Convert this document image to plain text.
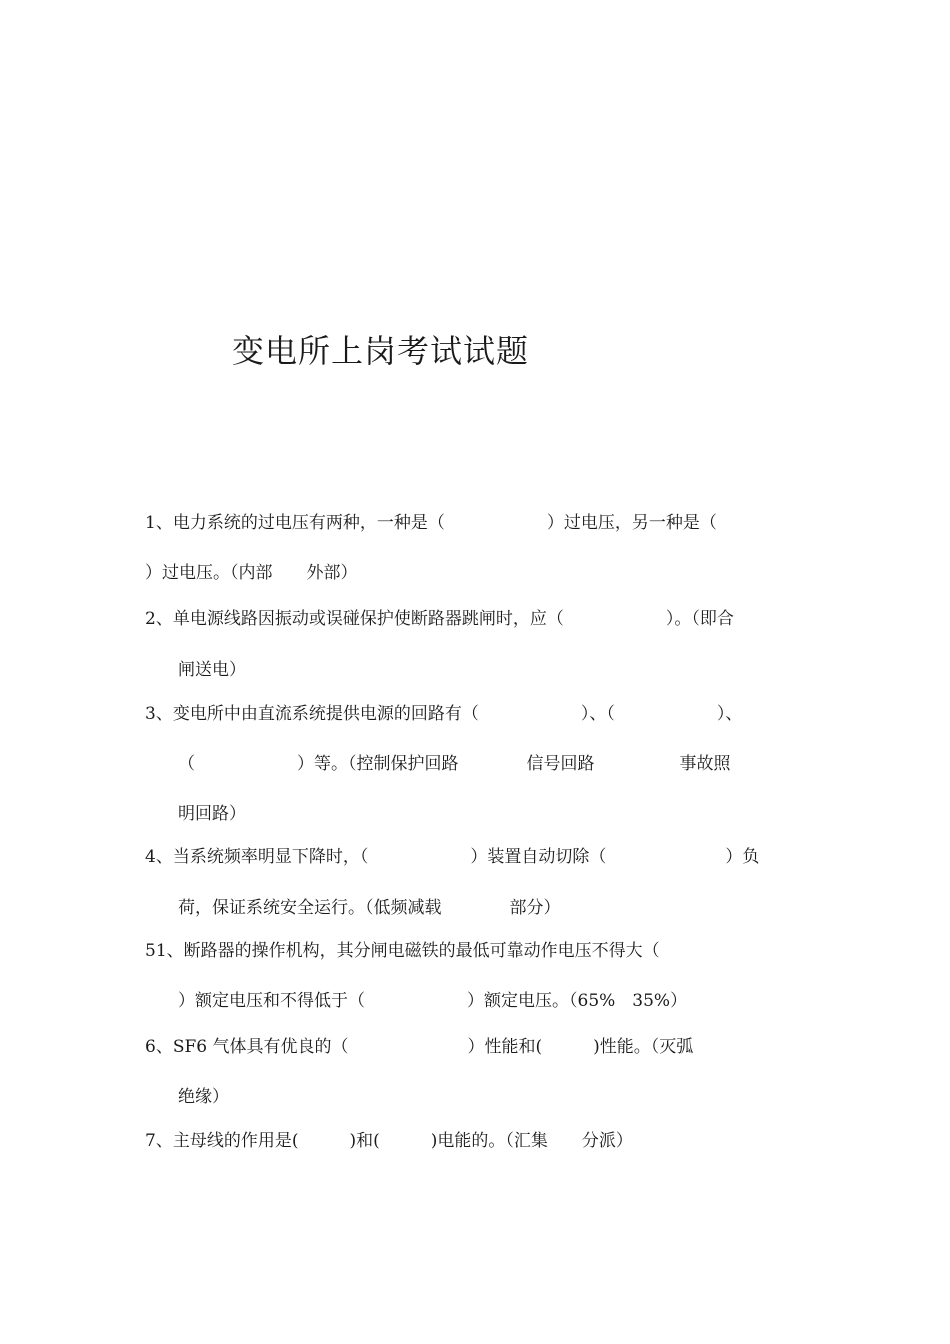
变电所上岗考试试题
1、电力系统的过电压有两种，一种是（　　　　　　）过电压，另一种是（
）过电压。（内部　　外部）
2、单电源线路因振动或误碰保护使断路器跳闸时，应（　　　　　　）。（即合
闸送电）
3、变电所中由直流系统提供电源的回路有（　　　　　　）、（　　　　　　）、
（　　　　　　）等。（控制保护回路　　　　信号回路　　　　　事故照
明回路）
4、当系统频率明显下降时，（　　　　　　）装置自动切除（　　　　　　　）负
荷，保证系统安全运行。（低频减载　　　　部分）
51、断路器的操作机构，其分闸电磁铁的最低可靠动作电压不得大（
）额定电压和不得低于（　　　　　　）额定电压。（65%　35%）
6、SF6 气体具有优良的（　　　　　　　）性能和(　　　)性能。（灭弧
绝缘）
7、主母线的作用是(　　　)和(　　　)电能的。（汇集　　分派）
